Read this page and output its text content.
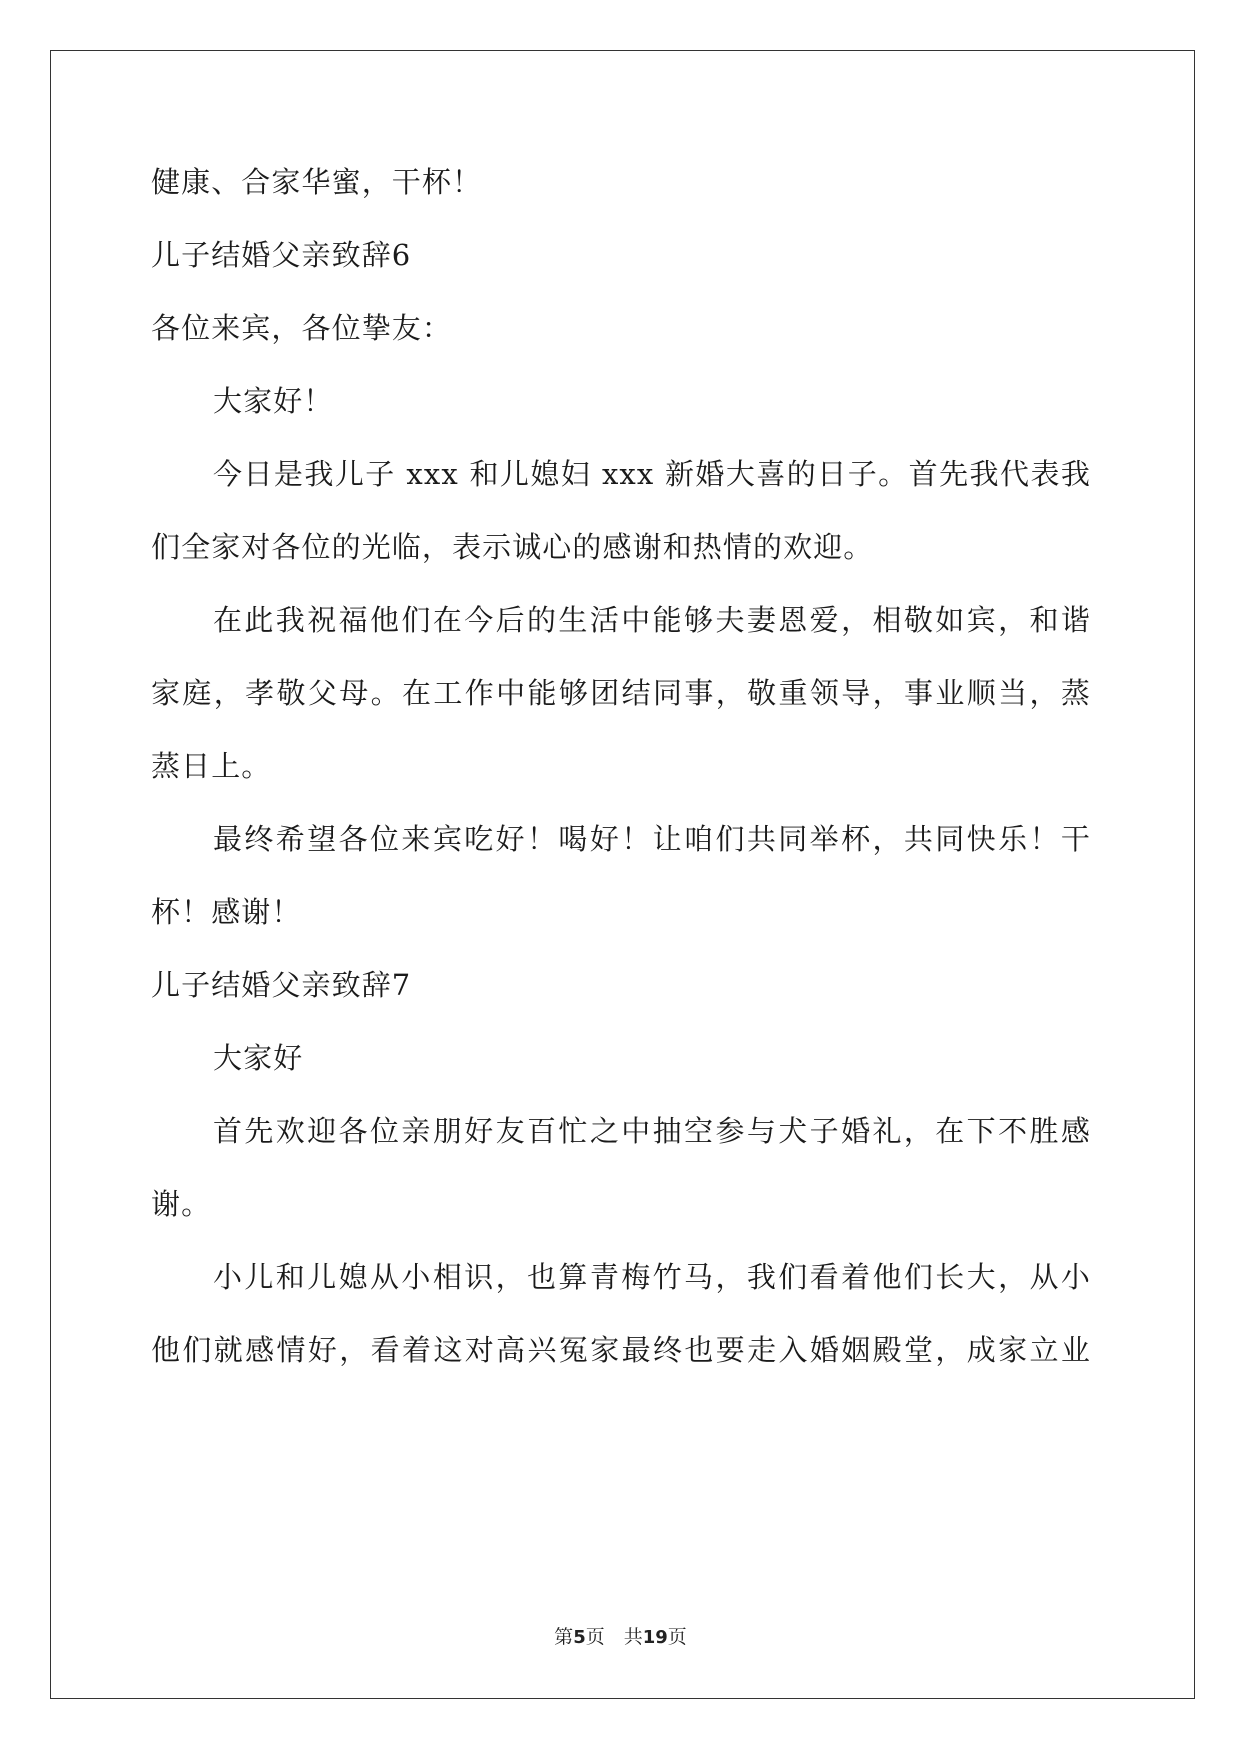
健康、合家华蜜，干杯！
儿子结婚父亲致辞6
各位来宾，各位挚友：
大家好！
今日是我儿子 xxx 和儿媳妇 xxx 新婚大喜的日子。首先我代表我
们全家对各位的光临，表示诚心的感谢和热情的欢迎。
在此我祝福他们在今后的生活中能够夫妻恩爱，相敬如宾，和谐
家庭，孝敬父母。在工作中能够团结同事，敬重领导，事业顺当，蒸
蒸日上。
最终希望各位来宾吃好！喝好！让咱们共同举杯，共同快乐！干
杯！感谢！
儿子结婚父亲致辞7
大家好
首先欢迎各位亲朋好友百忙之中抽空参与犬子婚礼，在下不胜感
谢。
小儿和儿媳从小相识，也算青梅竹马，我们看着他们长大，从小
他们就感情好，看着这对高兴冤家最终也要走入婚姻殿堂，成家立业
第5页　共19页
